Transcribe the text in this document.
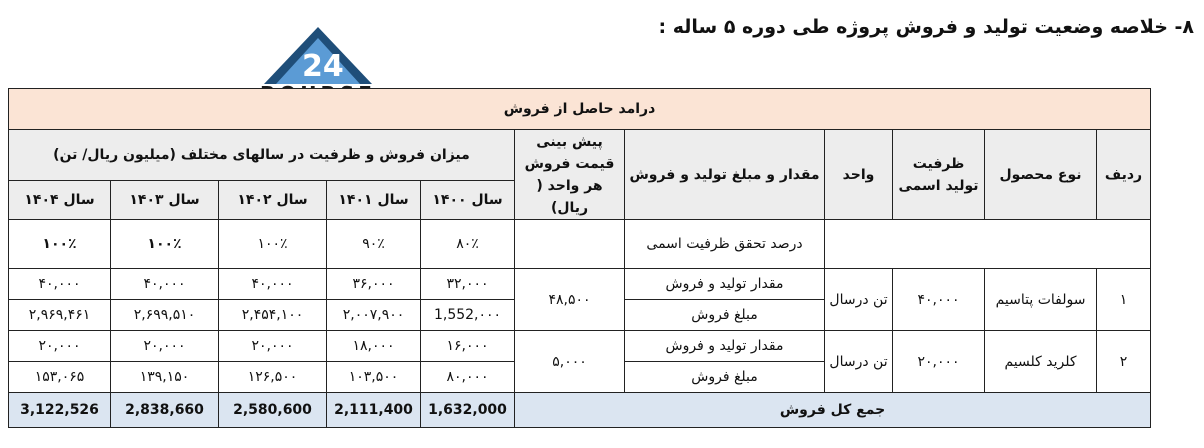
۸- خلاصه وضعیت تولید و فروش پروژه طی دوره ۵ ساله :
24
درامد حاصل از فروش										
ردیف	نوع محصول	ظرفیت تولید اسمی	واحد	مقدار و مبلغ تولید و فروش	پیش بینی قیمت فروش هر واحد ( ریال)	میزان فروش و ظرفیت در سالهای مختلف (میلیون ریال/ تن)				
						سال ۱۴۰۰	سال ۱۴۰۱	سال ۱۴۰۲	سال ۱۴۰۳	سال ۱۴۰۴
				درصد تحقق ظرفیت اسمی		۸۰٪	۹۰٪	۱۰۰٪	۱۰۰٪	۱۰۰٪
۱	سولفات پتاسیم	۴۰,۰۰۰	تن درسال	مقدار تولید و فروش	۴۸,۵۰۰	۳۲,۰۰۰	۳۶,۰۰۰	۴۰,۰۰۰	۴۰,۰۰۰	۴۰,۰۰۰
				مبلغ فروش		1,552,۰۰۰	۲,۰۰۷,۹۰۰	۲,۴۵۴,۱۰۰	۲,۶۹۹,۵۱۰	۲,۹۶۹,۴۶۱
۲	کلرید کلسیم	۲۰,۰۰۰	تن درسال	مقدار تولید و فروش	۵,۰۰۰	۱۶,۰۰۰	۱۸,۰۰۰	۲۰,۰۰۰	۲۰,۰۰۰	۲۰,۰۰۰
				مبلغ فروش		۸۰,۰۰۰	۱۰۳,۵۰۰	۱۲۶,۵۰۰	۱۳۹,۱۵۰	۱۵۳,۰۶۵
جمع کل فروش						1,632,000	2,111,400	2,580,600	2,838,660	3,122,526
